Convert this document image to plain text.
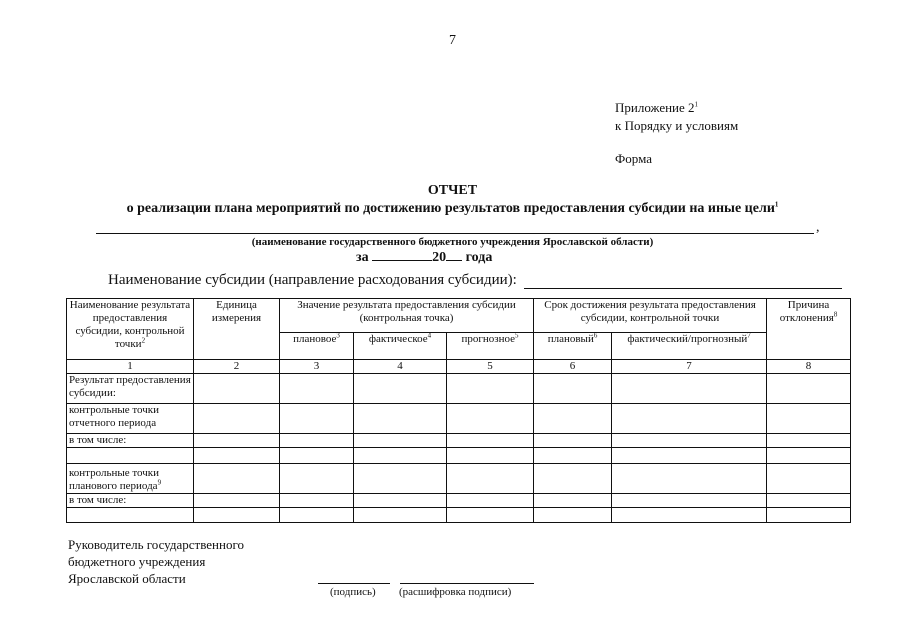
7
Приложение $2^1$
к Порядку и условиям
Форма
ОТЧЕТ
о реализации плана мероприятий по достижению результатов предоставления субсидии на иные цели$^1$
,
(наименование государственного бюджетного учреждения Ярославской области)
за	20 года
Наименование субсидии (направление расходования субсидии):
Наименование результата предоставления субсидии, контрольной точки$^2$	Единица измерения	Значение результата предоставления субсидии (контрольная точка)			Срок достижения результата предоставления субсидии, контрольной точки		Причина отклонения$^8$
		плановое$^3$	фактическое$^4$	прогнозное$^5$	плановый$^6$	фактический/прогнозный$^7$
1	2	3	4	5	6	7	8
Результат предоставления субсидии:							
контрольные точки отчетного периода							
в том числе:							

контрольные точки планового периода$^9$							
в том числе:							

Руководитель государственного
бюджетного учреждения
Ярославской области
(подпись) (расшифровка подписи)
